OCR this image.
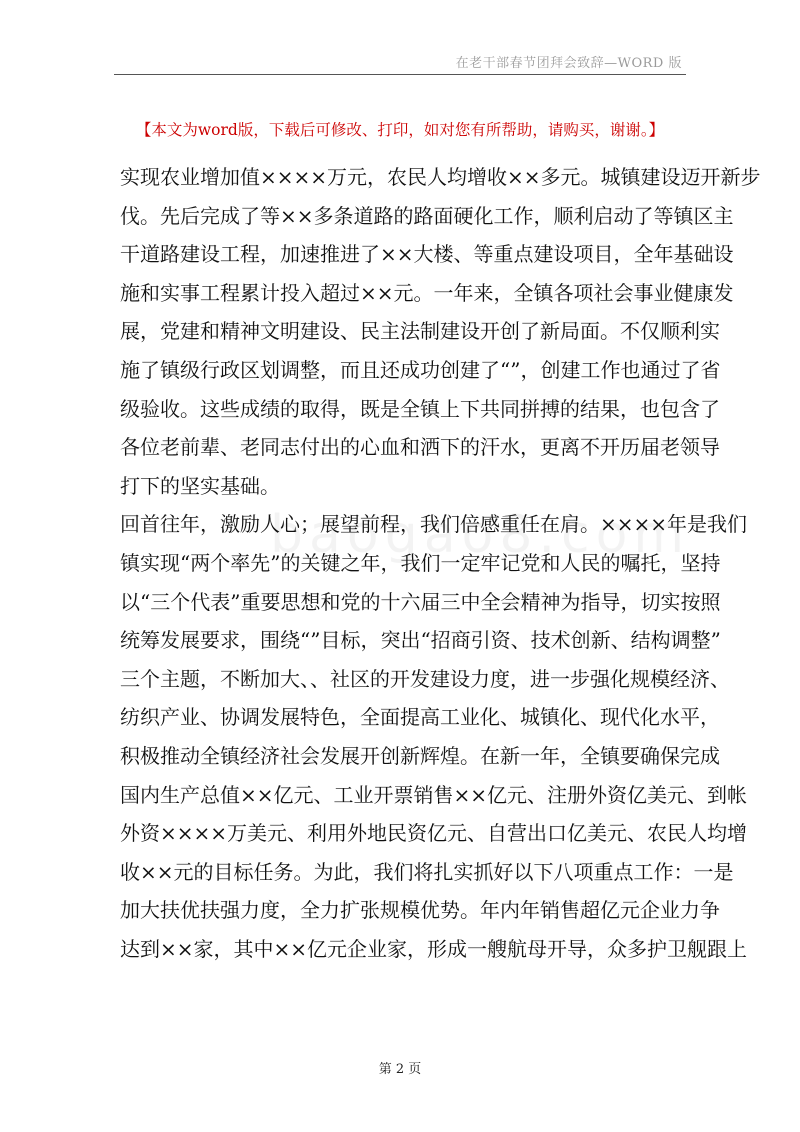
在老干部春节团拜会致辞—WORD 版
【本文为word版，下载后可修改、打印，如对您有所帮助，请购买，谢谢。】
实现农业增加值××××万元，农民人均增收××多元。城镇建设迈开新步
伐。先后完成了等××多条道路的路面硬化工作，顺利启动了等镇区主
干道路建设工程，加速推进了××大楼、等重点建设项目，全年基础设
施和实事工程累计投入超过××元。一年来，全镇各项社会事业健康发
展，党建和精神文明建设、民主法制建设开创了新局面。不仅顺利实
施了镇级行政区划调整，而且还成功创建了“”，创建工作也通过了省
级验收。这些成绩的取得，既是全镇上下共同拼搏的结果，也包含了
各位老前辈、老同志付出的心血和洒下的汗水，更离不开历届老领导
打下的坚实基础。
回首往年，激励人心；展望前程，我们倍感重任在肩。××××年是我们
镇实现“两个率先”的关键之年，我们一定牢记党和人民的嘱托，坚持
以“三个代表”重要思想和党的十六届三中全会精神为指导，切实按照
统筹发展要求，围绕“”目标，突出“招商引资、技术创新、结构调整”
三个主题，不断加大、、社区的开发建设力度，进一步强化规模经济、
纺织产业、协调发展特色，全面提高工业化、城镇化、现代化水平，
积极推动全镇经济社会发展开创新辉煌。在新一年，全镇要确保完成
国内生产总值××亿元、工业开票销售××亿元、注册外资亿美元、到帐
外资××××万美元、利用外地民资亿元、自营出口亿美元、农民人均增
收××元的目标任务。为此，我们将扎实抓好以下八项重点工作：一是
加大扶优扶强力度，全力扩张规模优势。年内年销售超亿元企业力争
达到××家，其中××亿元企业家，形成一艘航母开导，众多护卫舰跟上
第 2 页
